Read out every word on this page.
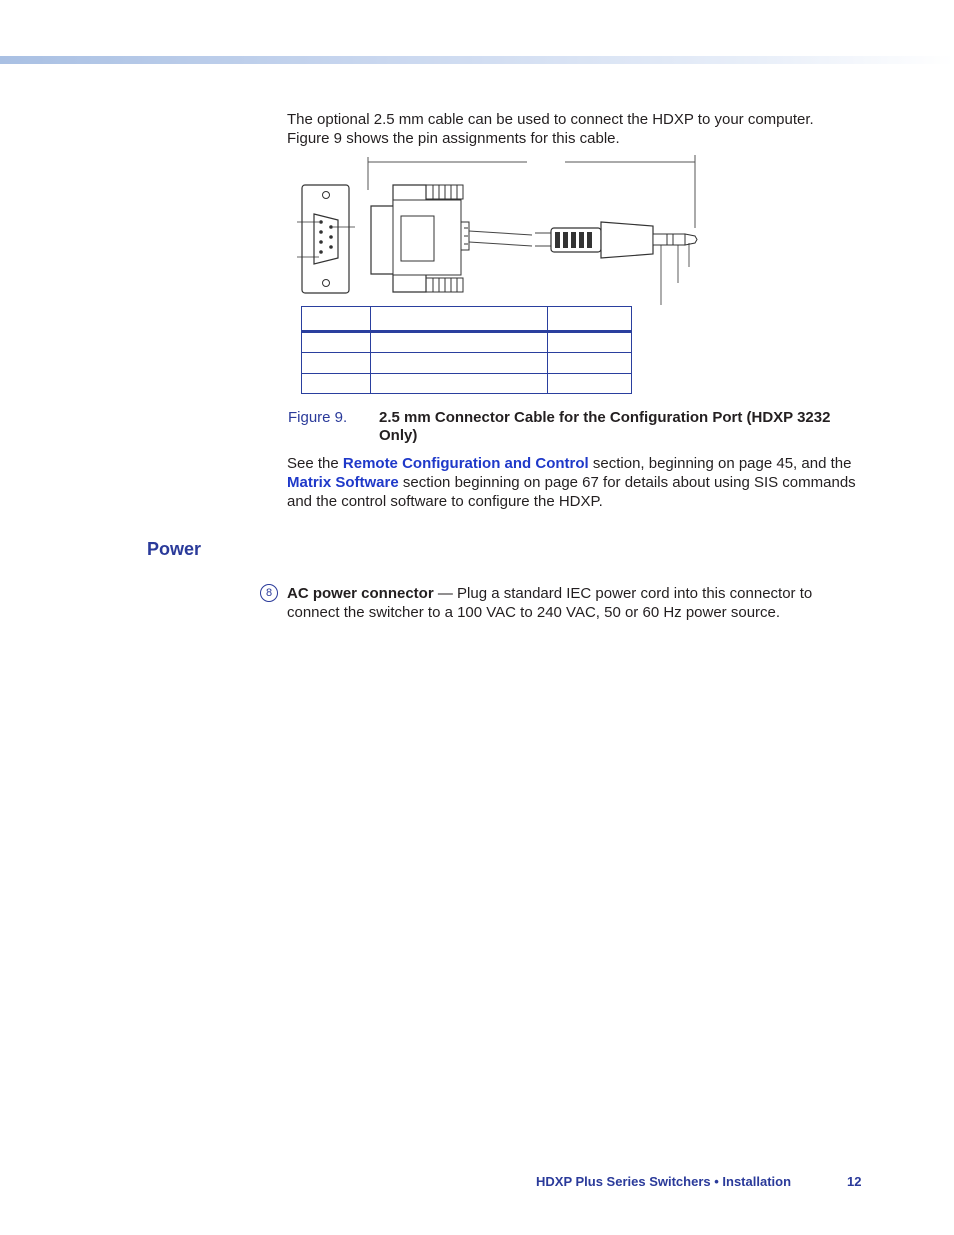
The optional 2.5 mm cable can be used to connect the HDXP to your computer. Figure 9 shows the pin assignments for this cable.

Figure 9. 2.5 mm Connector Cable for the Configuration Port (HDXP 3232 Only)

See the Remote Configuration and Control section, beginning on page 45, and the Matrix Software section beginning on page 67 for details about using SIS commands and the control software to configure the HDXP.

Power
8 AC power connector — Plug a standard IEC power cord into this connector to connect the switcher to a 100 VAC to 240 VAC, 50 or 60 Hz power source.

HDXP Plus Series Switchers • Installation	12
